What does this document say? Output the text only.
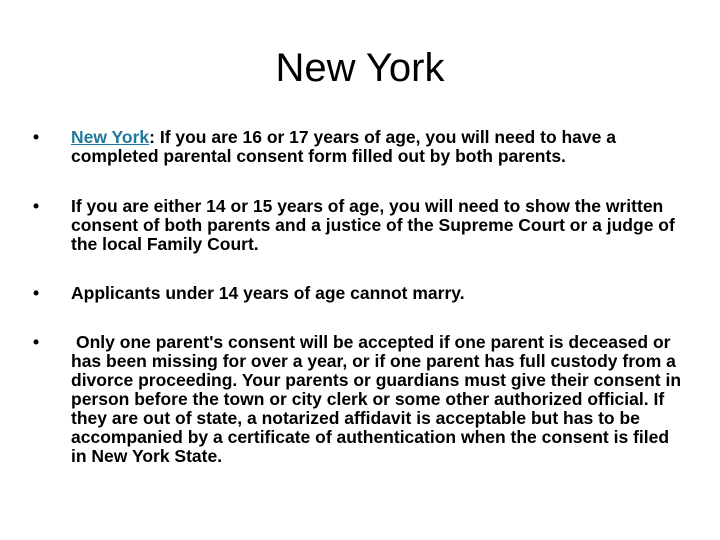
New York
• New York: If you are 16 or 17 years of age, you will need to have a completed parental consent form filled out by both parents.
• If you are either 14 or 15 years of age, you will need to show the written consent of both parents and a justice of the Supreme Court or a judge of the local Family Court.
• Applicants under 14 years of age cannot marry.
• Only one parent's consent will be accepted if one parent is deceased or has been missing for over a year, or if one parent has full custody from a divorce proceeding. Your parents or guardians must give their consent in person before the town or city clerk or some other authorized official. If they are out of state, a notarized affidavit is acceptable but has to be accompanied by a certificate of authentication when the consent is filed in New York State.
